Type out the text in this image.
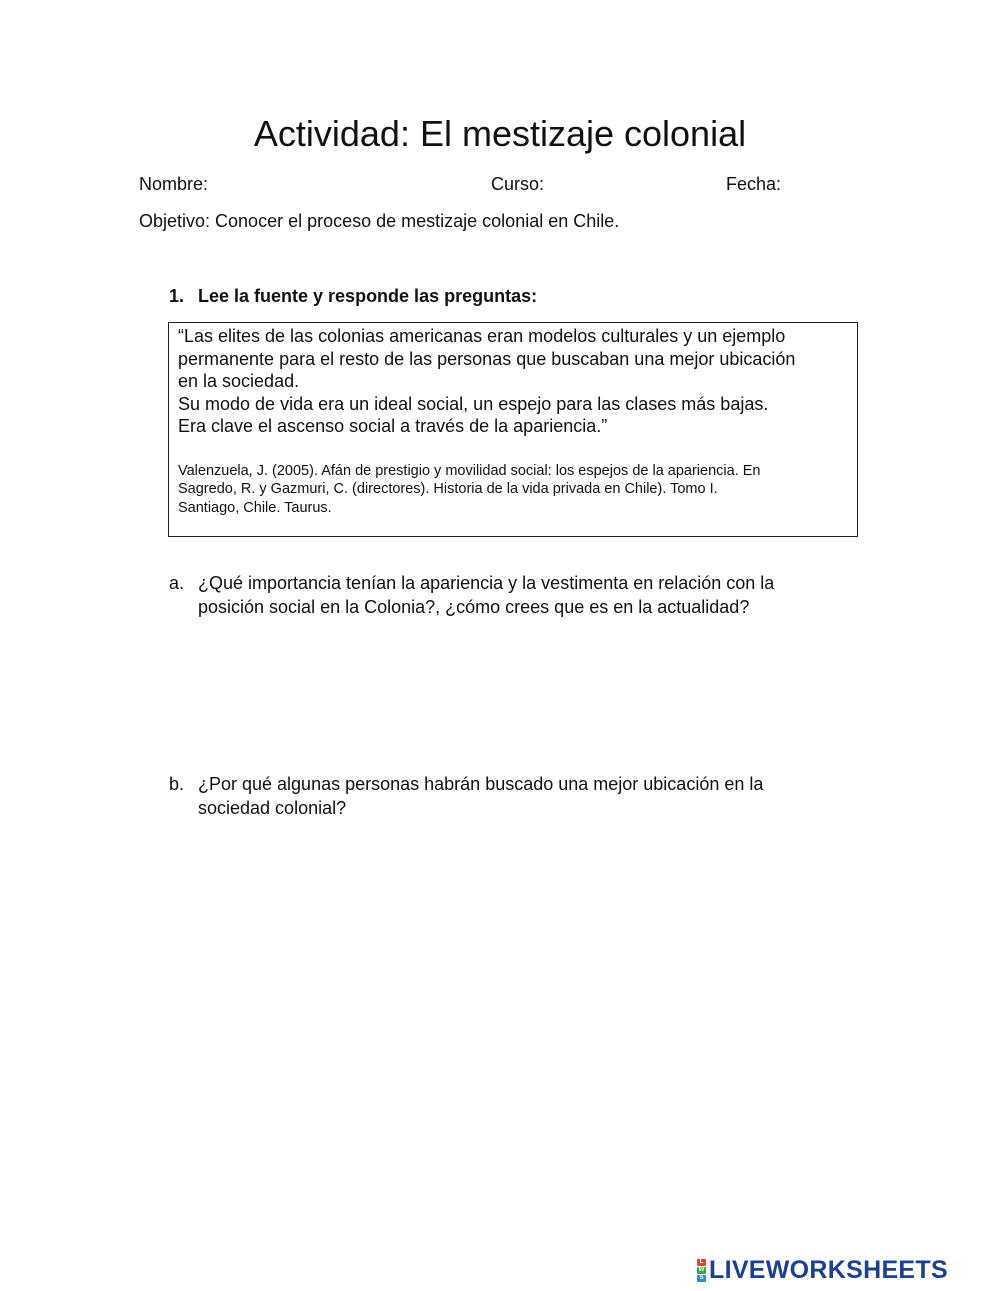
Actividad: El mestizaje colonial
Nombre:	Curso:	Fecha:
Objetivo: Conocer el proceso de mestizaje colonial en Chile.
1. Lee la fuente y responde las preguntas:

“Las elites de las colonias americanas eran modelos culturales y un ejemplo
permanente para el resto de las personas que buscaban una mejor ubicación
en la sociedad.
Su modo de vida era un ideal social, un espejo para las clases más bajas.
Era clave el ascenso social a través de la apariencia.”

Valenzuela, J. (2005). Afán de prestigio y movilidad social: los espejos de la apariencia. En
Sagredo, R. y Gazmuri, C. (directores). Historia de la vida privada en Chile). Tomo I.
Santiago, Chile. Taurus.

a. ¿Qué importancia tenían la apariencia y la vestimenta en relación con la
posición social en la Colonia?, ¿cómo crees que es en la actualidad?
b. ¿Por qué algunas personas habrán buscado una mejor ubicación en la
sociedad colonial?
L
W
S LIVEWORKSHEETS
